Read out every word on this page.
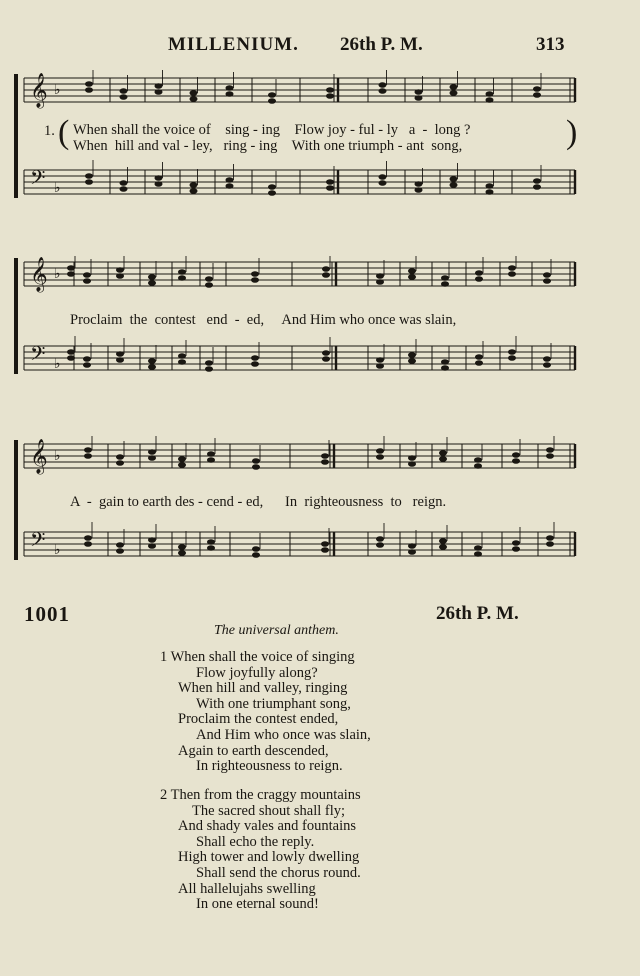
MILLENIUM. 26th P. M.	313
𝄞 ♭
𝄢 ♭
1. (	)
When shall the voice of    sing - ing    Flow joy - ful - ly   a  -  long ?
When  hill and val - ley,   ring - ing    With one triumph - ant  song,
𝄞 ♭
𝄢 ♭
Proclaim  the  contest   end  -  ed,     And Him who once was slain,
𝄞 ♭
𝄢 ♭
A  -  gain to earth des - cend - ed,      In  righteousness  to   reign.
1001	26th P. M.
The universal anthem.
1 When shall the voice of singing
Flow joyfully along?
When hill and valley, ringing
With one triumphant song,
Proclaim the contest ended,
And Him who once was slain,
Again to earth descended,
In righteousness to reign.
2 Then from the craggy mountains
The sacred shout shall fly;
And shady vales and fountains
Shall echo the reply.
High tower and lowly dwelling
Shall send the chorus round.
All hallelujahs swelling
In one eternal sound!
